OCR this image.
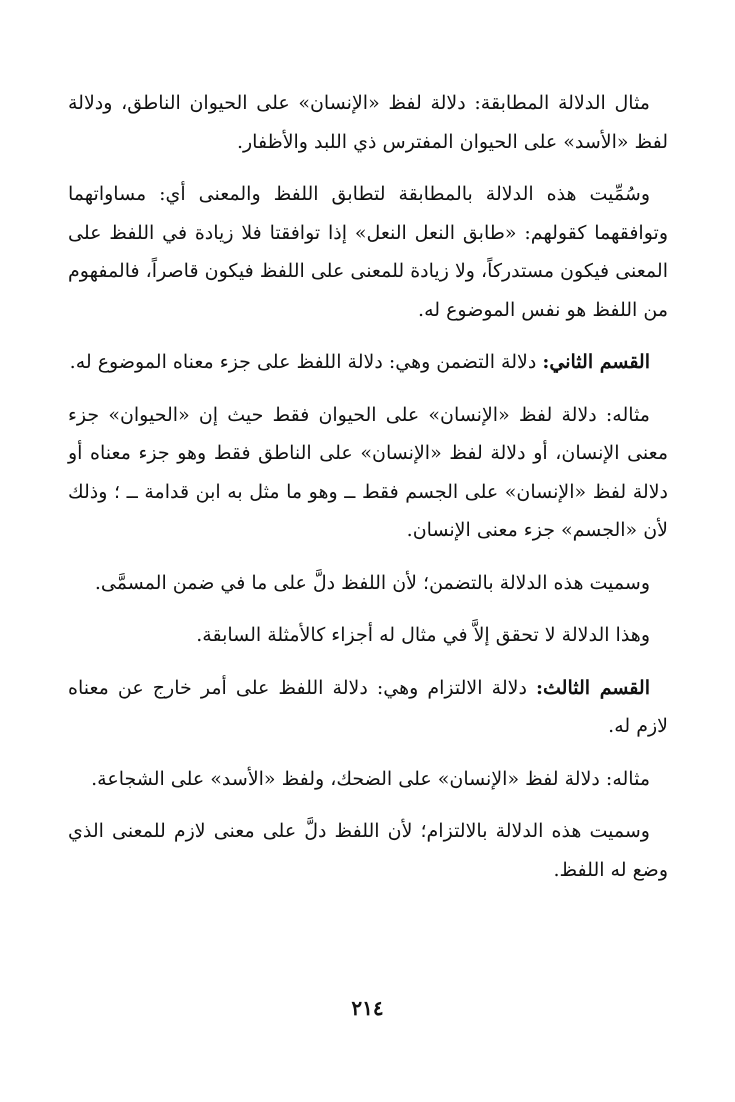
مثال الدلالة المطابقة: دلالة لفظ «الإنسان» على الحيوان الناطق، ودلالة لفظ «الأسد» على الحيوان المفترس ذي اللبد والأظفار.

وسُمِّيت هذه الدلالة بالمطابقة لتطابق اللفظ والمعنى أي: مساواتهما وتوافقهما كقولهم: «طابق النعل النعل» إذا توافقتا فلا زيادة في اللفظ على المعنى فيكون مستدركاً، ولا زيادة للمعنى على اللفظ فيكون قاصراً، فالمفهوم من اللفظ هو نفس الموضوع له.

القسم الثاني: دلالة التضمن وهي: دلالة اللفظ على جزء معناه الموضوع له.

مثاله: دلالة لفظ «الإنسان» على الحيوان فقط حيث إن «الحيوان» جزء معنى الإنسان، أو دلالة لفظ «الإنسان» على الناطق فقط وهو جزء معناه أو دلالة لفظ «الإنسان» على الجسم فقط ــ وهو ما مثل به ابن قدامة ــ ؛ وذلك لأن «الجسم» جزء معنى الإنسان.

وسميت هذه الدلالة بالتضمن؛ لأن اللفظ دلَّ على ما في ضمن المسمَّى.

وهذا الدلالة لا تحقق إلاَّ في مثال له أجزاء كالأمثلة السابقة.

القسم الثالث: دلالة الالتزام وهي: دلالة اللفظ على أمر خارج عن معناه لازم له.

مثاله: دلالة لفظ «الإنسان» على الضحك، ولفظ «الأسد» على الشجاعة.

وسميت هذه الدلالة بالالتزام؛ لأن اللفظ دلَّ على معنى لازم للمعنى الذي وضع له اللفظ.

٢١٤
